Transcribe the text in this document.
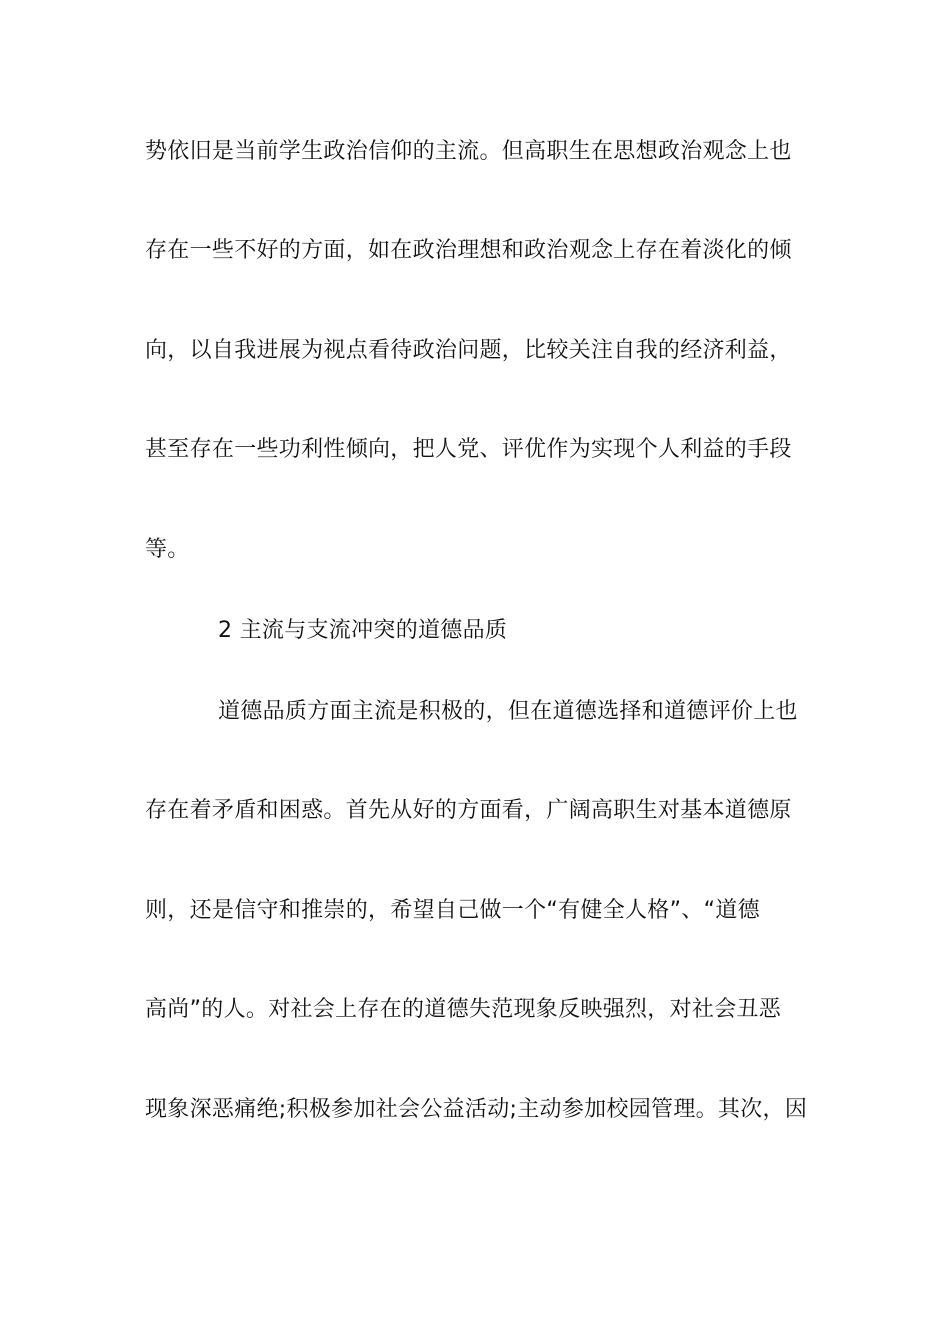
势依旧是当前学生政治信仰的主流。但高职生在思想政治观念上也
存在一些不好的方面，如在政治理想和政治观念上存在着淡化的倾
向，以自我进展为视点看待政治问题，比较关注自我的经济利益，
甚至存在一些功利性倾向，把人党、评优作为实现个人利益的手段
等。
2 主流与支流冲突的道德品质
道德品质方面主流是积极的，但在道德选择和道德评价上也
存在着矛盾和困惑。首先从好的方面看，广阔高职生对基本道德原
则，还是信守和推崇的，希望自己做一个“有健全人格”、“道德
高尚”的人。对社会上存在的道德失范现象反映强烈，对社会丑恶
现象深恶痛绝;积极参加社会公益活动;主动参加校园管理。其次，因
